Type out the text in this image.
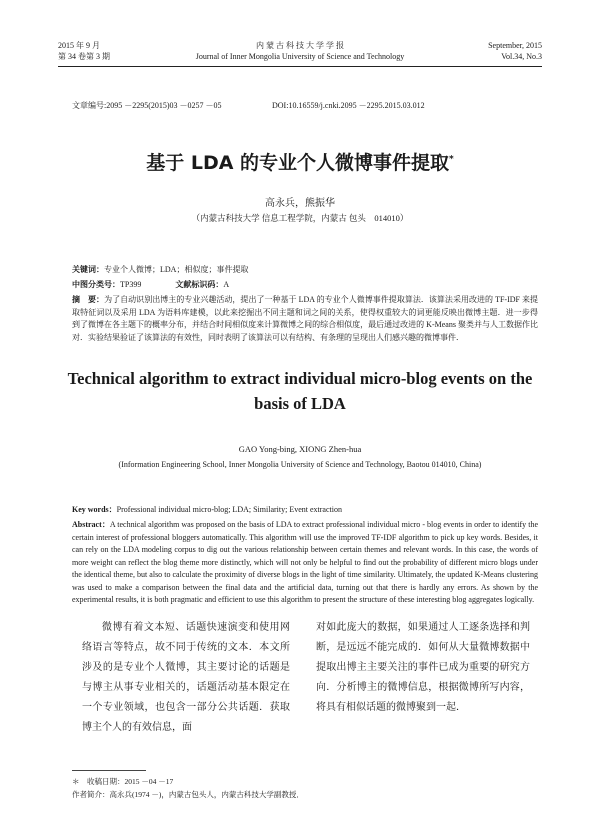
2015 年 9 月
第 34 卷第 3 期
内 蒙 古 科 技 大 学 学 报
Journal of Inner Mongolia University of Science and Technology
September, 2015
Vol.34, No.3
文章编号:2095 －2295(2015)03 －0257 －05	DOI:10.16559/j.cnki.2095 －2295.2015.03.012
基于 LDA 的专业个人微博事件提取*
高永兵，熊振华
（内蒙古科技大学 信息工程学院，内蒙古 包头　014010）
关键词：专业个人微博；LDA；相似度；事件提取
中图分类号：TP399	文献标识码：A
摘　要：为了自动识别出博主的专业兴趣活动，提出了一种基于 LDA 的专业个人微博事件提取算法．该算法采用改进的 TF-IDF 来提取特征词以及采用 LDA 为语料库建模，以此来挖掘出不同主题和词之间的关系，使得权重较大的词更能反映出微博主题．进一步得到了微博在各主题下的概率分布，并结合时间相似度来计算微博之间的综合相似度，最后通过改进的 K-Means 聚类并与人工数据作比对．实验结果验证了该算法的有效性，同时表明了该算法可以有结构、有条理的呈现出人们感兴趣的微博事件．
Technical algorithm to extract individual micro-blog events on the basis of LDA
GAO Yong-bing, XIONG Zhen-hua
(Information Engineering School, Inner Mongolia University of Science and Technology, Baotou 014010, China)
Key words：Professional individual micro-blog; LDA; Similarity; Event extraction
Abstract：A technical algorithm was proposed on the basis of LDA to extract professional individual micro - blog events in order to identify the certain interest of professional bloggers automatically. This algorithm will use the improved TF-IDF algorithm to pick up key words. Besides, it can rely on the LDA modeling corpus to dig out the various relationship between certain themes and relevant words. In this case, the words of more weight can reflect the blog theme more distinctly, which will not only be helpful to find out the probability of different micro blogs under the identical theme, but also to calculate the proximity of diverse blogs in the light of time similarity. Ultimately, the updated K-Means clustering was used to make a comparison between the final data and the artificial data, turning out that there is hardly any errors. As shown by the experimental results, it is both pragmatic and efficient to use this algorithm to present the structure of these interesting blog aggregates logically.
微博有着文本短、话题快速演变和使用网络语言等特点，故不同于传统的文本．本文所涉及的是专业个人微博，其主要讨论的话题是与博主从事专业相关的，话题活动基本限定在一个专业领域，也包含一部分公共话题．获取博主个人的有效信息，面
对如此庞大的数据，如果通过人工逐条选择和判断，是远远不能完成的．如何从大量微博数据中提取出博主主要关注的事件已成为重要的研究方向．分析博主的微博信息，根据微博所写内容，将具有相似话题的微博聚到一起．
＊　收稿日期：2015 －04 －17
作者简介：高永兵(1974 －)，内蒙古包头人，内蒙古科技大学副教授．
